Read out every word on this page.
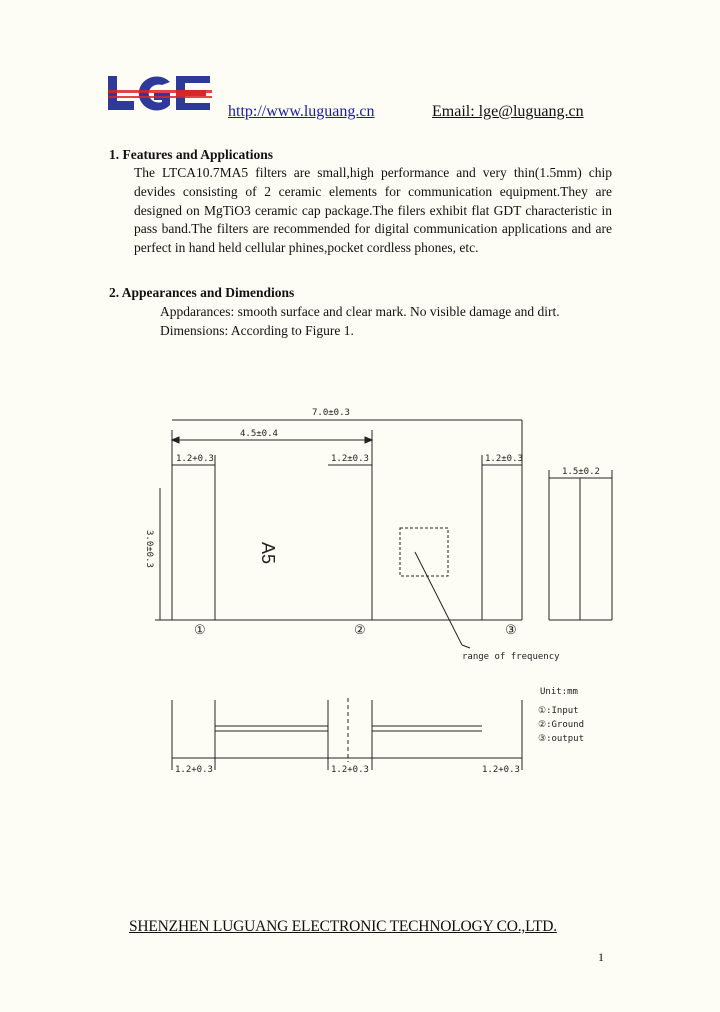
http://www.luguang.cn	Email: lge@luguang.cn
1. Features and Applications
The LTCA10.7MA5 filters are small,high performance and very thin(1.5mm) chip devides consisting of 2 ceramic elements for communication equipment.They are designed on MgTiO3 ceramic cap package.The filers exhibit flat GDT characteristic in pass band.The filters are recommended for digital communication applications and are perfect in hand held cellular phines,pocket cordless phones, etc.
2. Appearances and Dimendions
Appdarances: smooth surface and clear mark. No visible damage and dirt.
Dimensions: According to Figure 1.
7.0±0.3
4.5±0.4
1.2+0.3	1.2±0.3	1.2±0.3
1.5±0.2
3.0±0.3	A5
①	②	③
range of frequency
Unit:mm
①:Input
②:Ground
③:output
1.2+0.3	1.2+0.3	1.2+0.3
SHENZHEN LUGUANG ELECTRONIC TECHNOLOGY CO.,LTD.
1
